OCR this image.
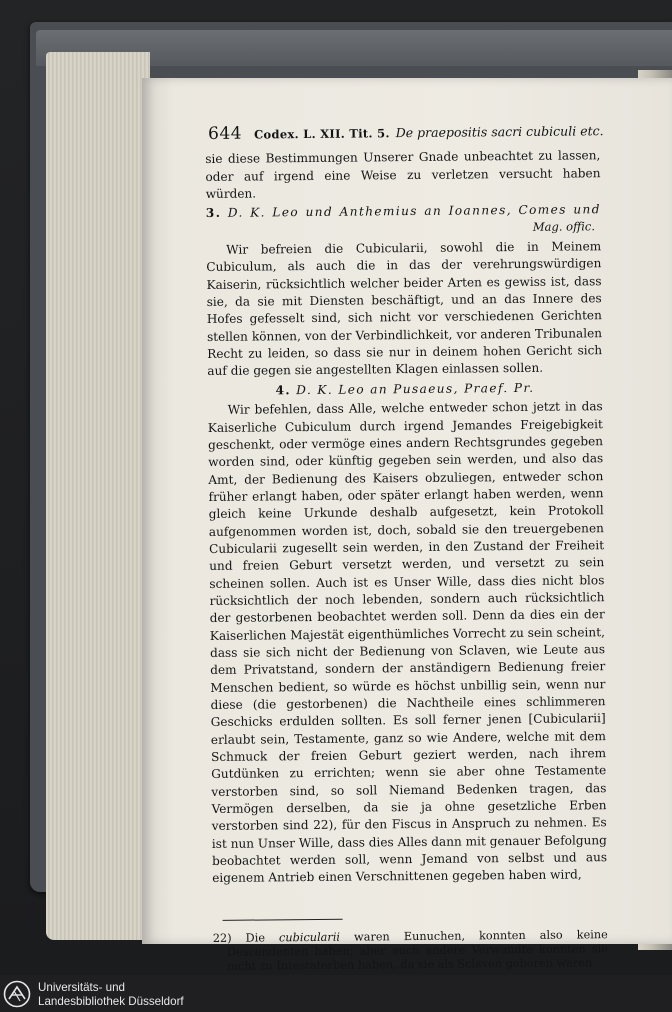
644 Codex. L. XII. Tit. 5. De praepositis sacri cubiculi etc.

sie diese Bestimmungen Unserer Gnade unbeachtet zu lassen,

oder auf irgend eine Weise zu verletzen versucht haben würden.

3. D. K. Leo und Anthemius an Ioannes, Comes und
Mag. offic.

Wir befreien die Cubicularii, sowohl die in Meinem Cubiculum, als auch die in das der verehrungswürdigen Kaiserin, rücksichtlich welcher beider Arten es gewiss ist, dass sie, da sie mit Diensten beschäftigt, und an das Innere des Hofes gefesselt sind, sich nicht vor verschiedenen Gerichten stellen können, von der Verbindlichkeit, vor anderen Tribunalen Recht zu leiden, so dass sie nur in deinem hohen Gericht sich auf die gegen sie angestellten Klagen einlassen sollen.

4. D. K. Leo an Pusaeus, Praef. Pr.

Wir befehlen, dass Alle, welche entweder schon jetzt in das Kaiserliche Cubiculum durch irgend Jemandes Freigebigkeit geschenkt, oder vermöge eines andern Rechtsgrundes gegeben worden sind, oder künftig gegeben sein werden, und also das Amt, der Bedienung des Kaisers obzuliegen, entweder schon früher erlangt haben, oder später erlangt haben werden, wenn gleich keine Urkunde deshalb aufgesetzt, kein Protokoll aufgenommen worden ist, doch, sobald sie den treuergebenen Cubicularii zugesellt sein werden, in den Zustand der Freiheit und freien Geburt versetzt werden, und versetzt zu sein scheinen sollen. Auch ist es Unser Wille, dass dies nicht blos rücksichtlich der noch lebenden, sondern auch rücksichtlich der gestorbenen beobachtet werden soll. Denn da dies ein der Kaiserlichen Majestät eigenthümliches Vorrecht zu sein scheint, dass sie sich nicht der Bedienung von Sclaven, wie Leute aus dem Privatstand, sondern der anständigern Bedienung freier Menschen bedient, so würde es höchst unbillig sein, wenn nur diese (die gestorbenen) die Nachtheile eines schlimmeren Geschicks erdulden sollten. Es soll ferner jenen [Cubicularii] erlaubt sein, Testamente, ganz so wie Andere, welche mit dem Schmuck der freien Geburt geziert werden, nach ihrem Gutdünken zu errichten; wenn sie aber ohne Testamente verstorben sind, so soll Niemand Bedenken tragen, das Vermögen derselben, da sie ja ohne gesetzliche Erben verstorben sind 22), für den Fiscus in Anspruch zu nehmen. Es ist nun Unser Wille, dass dies Alles dann mit genauer Befolgung beobachtet werden soll, wenn Jemand von selbst und aus eigenem Antrieb einen Verschnittenen gegeben haben wird,

22) Die cubicularii waren Eunuchen, konnten also keine Descendenten haben; aber auch andere Verwandte konnten sie nicht zu Intestaterben haben, da sie als Sclaven geboren waren.

Universitäts- und
Landesbibliothek Düsseldorf
